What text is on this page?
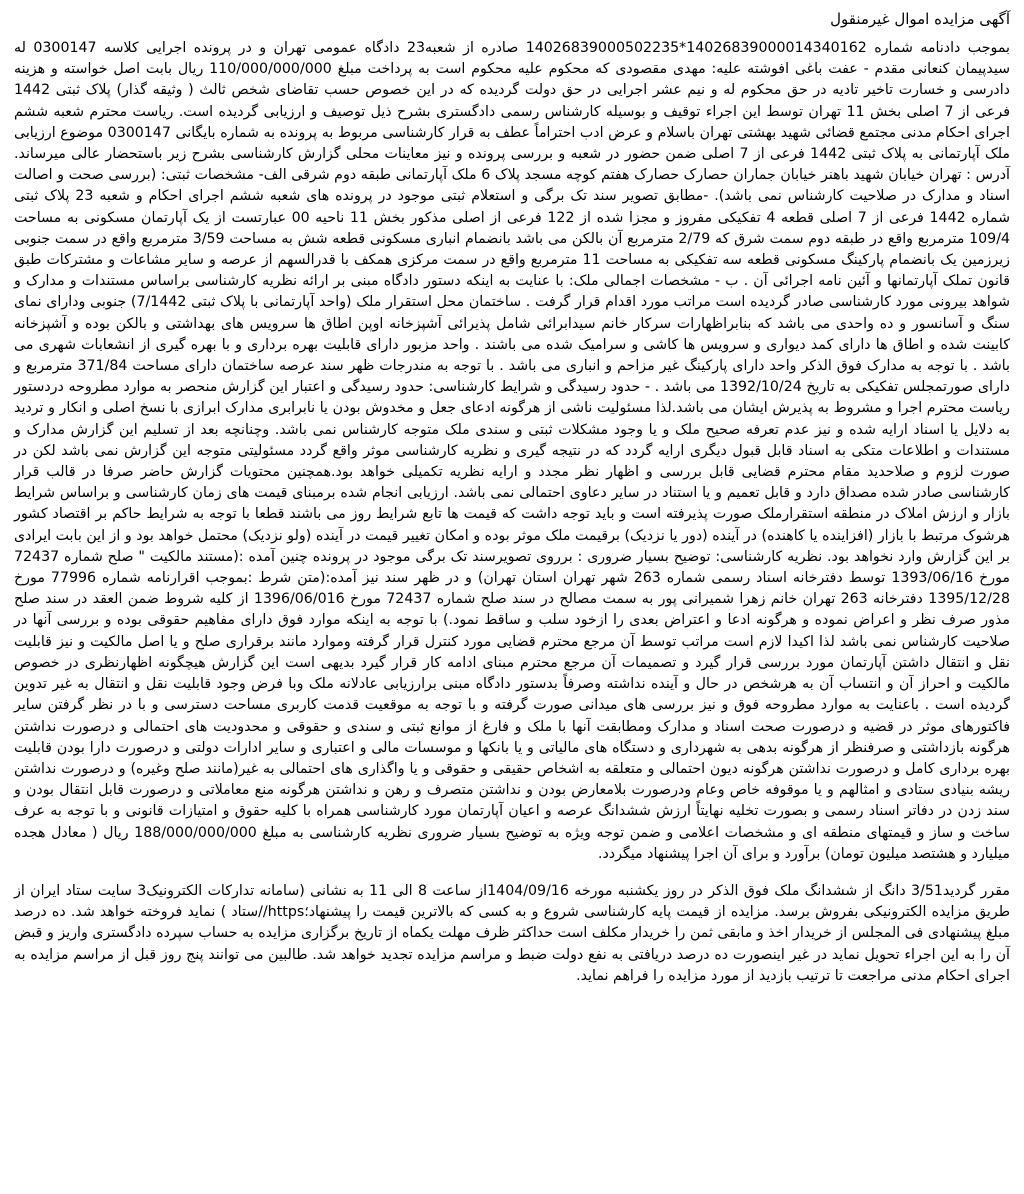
آگهی مزایده اموال غیرمنقول

بموجب دادنامه شماره 14026839000014340162*14026839000502235 صادره از شعبه23 دادگاه عمومی تهران و در پرونده اجرایی کلاسه 0300147 له سیدپیمان کنعانی مقدم - عفت باغی افوشته علیه: مهدی مقصودی که محکوم علیه محکوم است به پرداخت مبلغ 110/000/000/000 ریال بابت اصل خواسته و هزینه دادرسی و خسارت تاخیر تادیه در حق محکوم له و نیم عشر اجرایی در حق دولت گردیده که در این خصوص حسب تقاضای شخص ثالث ( وثیقه گذار) پلاک ثبتی 1442 فرعی از 7 اصلی بخش 11 تهران توسط این اجراء توقیف و بوسیله کارشناس رسمی دادگستری بشرح ذیل توصیف و ارزیابی گردیده است. ریاست محترم شعبه ششم اجرای احکام مدنی مجتمع قضائی شهید بهشتی تهران باسلام و عرض ادب احتراماً عطف به قرار کارشناسی مربوط به پرونده به شماره بایگانی 0300147 موضوع ارزیابی ملک آپارتمانی به پلاک ثبتی 1442 فرعی از 7 اصلی ضمن حضور در شعبه و بررسی پرونده و نیز معاینات محلی گزارش کارشناسی بشرح زیر باستحضار عالی میرساند. آدرس : تهران خیابان شهید باهنر خیابان جماران حصارک حصارک هفتم کوچه مسجد پلاک 6 ملک آپارتمانی طبقه دوم شرقی الف- مشخصات ثبتی: (بررسی صحت و اصالت اسناد و مدارک در صلاحیت کارشناس نمی باشد). -مطابق تصویر سند تک برگی و استعلام ثبتی موجود در پرونده های شعبه ششم اجرای احکام و شعبه 23 پلاک ثبتی شماره 1442 فرعی از 7 اصلی قطعه 4 تفکیکی مفروز و مجزا شده از 122 فرعی از اصلی مذکور بخش 11 ناحیه 00 عبارتست از یک آپارتمان مسکونی به مساحت 109/4 مترمربع واقع در طبقه دوم سمت شرق که 2/79 مترمربع آن بالکن می باشد بانضمام انباری مسکونی قطعه شش به مساحت 3/59 مترمربع واقع در سمت جنوبی زیرزمین یک بانضمام پارکینگ مسکونی قطعه سه تفکیکی به مساحت 11 مترمربع واقع در سمت مرکزی همکف با قدرالسهم از عرصه و سایر مشاعات و مشترکات طبق قانون تملک آپارتمانها و آئین نامه اجرائی آن . ب - مشخصات اجمالی ملک: با عنایت به اینکه دستور دادگاه مبنی بر ارائه نظریه کارشناسی براساس مستندات و مدارک و شواهد بیرونی مورد کارشناسی صادر گردیده است مراتب مورد اقدام قرار گرفت . ساختمان محل استقرار ملک (واحد آپارتمانی با پلاک ثبتی 7/1442) جنوبی ودارای نمای سنگ و آسانسور و ده واحدی می باشد که بنابراظهارات سرکار خانم سیدابرائی شامل پذیرائی آشپزخانه اوپن اطاق ها سرویس های بهداشتی و بالکن بوده و آشپزخانه کابینت شده و اطاق ها دارای کمد دیواری و سرویس ها کاشی و سرامیک شده می باشند . واحد مزبور دارای قابلیت بهره برداری و با بهره گیری از انشعابات شهری می باشد . با توجه به مدارک فوق الذکر واحد دارای پارکینگ غیر مزاحم و انباری می باشد . با توجه به مندرجات ظهر سند عرصه ساختمان دارای مساحت 371/84 مترمربع و دارای صورتمجلس تفکیکی به تاریخ 1392/10/24 می باشد . - حدود رسیدگی و شرایط کارشناسی: حدود رسیدگی و اعتبار این گزارش منحصر به موارد مطروحه دردستور ریاست محترم اجرا و مشروط به پذیرش ایشان می باشد.لذا مسئولیت ناشی از هرگونه ادعای جعل و مخدوش بودن یا نابرابری مدارک ابرازی با نسخ اصلی و انکار و تردید به دلایل یا اسناد ارایه شده و نیز عدم تعرفه صحیح ملک و یا وجود مشکلات ثبتی و سندی ملک متوجه کارشناس نمی باشد. وچنانچه بعد از تسلیم این گزارش مدارک و مستندات و اطلاعات متکی به اسناد قابل قبول دیگری ارایه گردد که در نتیجه گیری و نظریه کارشناسی موثر واقع گردد مسئولیتی متوجه این گزارش نمی باشد لکن در صورت لزوم و صلاحدید مقام محترم قضایی قابل بررسی و اظهار نظر مجدد و ارایه نظریه تکمیلی خواهد بود.همچنین محتویات گزارش حاضر صرفا در قالب قرار کارشناسی صادر شده مصداق دارد و قابل تعمیم و یا استناد در سایر دعاوی احتمالی نمی باشد. ارزیابی انجام شده برمبنای قیمت های زمان کارشناسی و براساس شرایط بازار و ارزش املاک در منطقه استقرارملک صورت پذیرفته است و باید توجه داشت که قیمت ها تابع شرایط روز می باشند قطعا با توجه به شرایط حاکم بر اقتصاد کشور هرشوک مرتبط با بازار (افزاینده یا کاهنده) در آینده (دور یا نزدیک) برقیمت ملک موثر بوده و امکان تغییر قیمت در آینده (ولو نزدیک) محتمل خواهد بود و از این بابت ایرادی بر این گزارش وارد نخواهد بود. نظریه کارشناسی: توضیح بسیار ضروری : برروی تصویرسند تک برگی موجود در پرونده چنین آمده :(مستند مالکیت " صلح شماره 72437 مورخ 1393/06/16 توسط دفترخانه اسناد رسمی شماره 263 شهر تهران استان تهران) و در ظهر سند نیز آمده:(متن شرط :بموجب اقرارنامه شماره 77996 مورخ 1395/12/28 دفترخانه 263 تهران خانم زهرا شمیرانی پور به سمت مصالح در سند صلح شماره 72437 مورخ 1396/06/016 از کلیه شروط ضمن العقد در سند صلح مذور صرف نظر و اعراض نموده و هرگونه ادعا و اعتراض بعدی را ازخود سلب و ساقط نمود.) با توجه به اینکه موارد فوق دارای مفاهیم حقوقی بوده و بررسی آنها در صلاحیت کارشناس نمی باشد لذا اکیدا لازم است مراتب توسط آن مرجع محترم قضایی مورد کنترل قرار گرفته وموارد مانند برقراری صلح و یا اصل مالکیت و نیز قابلیت نقل و انتقال داشتن آپارتمان مورد بررسی قرار گیرد و تصمیمات آن مرجع محترم مبنای ادامه کار قرار گیرد بدیهی است این گزارش هیچگونه اظهارنظری در خصوص مالکیت و احراز آن و انتساب آن به هرشخص در حال و آینده نداشته وصرفاً بدستور دادگاه مبنی برارزیابی عادلانه ملک وبا فرض وجود قابلیت نقل و انتقال به غیر تدوین گردیده است . باعنایت به موارد مطروحه فوق و نیز بررسی های میدانی صورت گرفته و با توجه به موقعیت قدمت کاربری مساحت دسترسی و با در نظر گرفتن سایر فاکتورهای موثر در قضیه و درصورت صحت اسناد و مدارک ومطابقت آنها با ملک و فارغ از موانع ثبتی و سندی و حقوقی و محدودیت های احتمالی و درصورت نداشتن هرگونه بازداشتی و صرفنظر از هرگونه بدهی به شهرداری و دستگاه های مالیاتی و یا بانکها و موسسات مالی و اعتباری و سایر ادارات دولتی و درصورت دارا بودن قابلیت بهره برداری کامل و درصورت نداشتن هرگونه دیون احتمالی و متعلقه به اشخاص حقیقی و حقوقی و یا واگذاری های احتمالی به غیر(مانند صلح وغیره) و درصورت نداشتن ریشه بنیادی ستادی و امثالهم و یا موقوفه خاص وعام ودرصورت بلامعارض بودن و نداشتن متصرف و رهن و نداشتن هرگونه منع معاملاتی و درصورت قابل انتقال بودن و سند زدن در دفاتر اسناد رسمی و بصورت تخلیه نهایتاً ارزش ششدانگ عرصه و اعیان آپارتمان مورد کارشناسی همراه با کلیه حقوق و امتیازات قانونی و با توجه به عرف ساخت و ساز و قیمتهای منطقه ای و مشخصات اعلامی و ضمن توجه ویژه به توضیح بسیار ضروری نظریه کارشناسی به مبلغ 188/000/000/000 ریال ( معادل هجده میلیارد و هشتصد میلیون تومان) برآورد و برای آن اجرا پیشنهاد میگردد.

مقرر گردید3/51 دانگ از ششدانگ ملک فوق الذکر در روز یکشنبه مورخه 1404/09/16از ساعت 8 الی 11 به نشانی (سامانه تدارکات الکترونیک3 سایت ستاد ایران از طریق مزایده الکترونیکی بفروش برسد. مزایده از قیمت پایه کارشناسی شروع و به کسی که بالاترین قیمت را پیشنهاد؛https//ستاد ) نماید فروخته خواهد شد. ده درصد مبلغ پیشنهادی فی المجلس از خریدار اخذ و مابقی ثمن را خریدار مکلف است حداکثر ظرف مهلت یکماه از تاریخ برگزاری مزایده به حساب سپرده دادگستری واریز و قبض آن را به این اجراء تحویل نماید در غیر اینصورت ده درصد دریافتی به نفع دولت ضبط و مراسم مزایده تجدید خواهد شد. طالبین می توانند پنج روز قبل از مراسم مزایده به اجرای احکام مدنی مراجعت تا ترتیب بازدید از مورد مزایده را فراهم نماید.
